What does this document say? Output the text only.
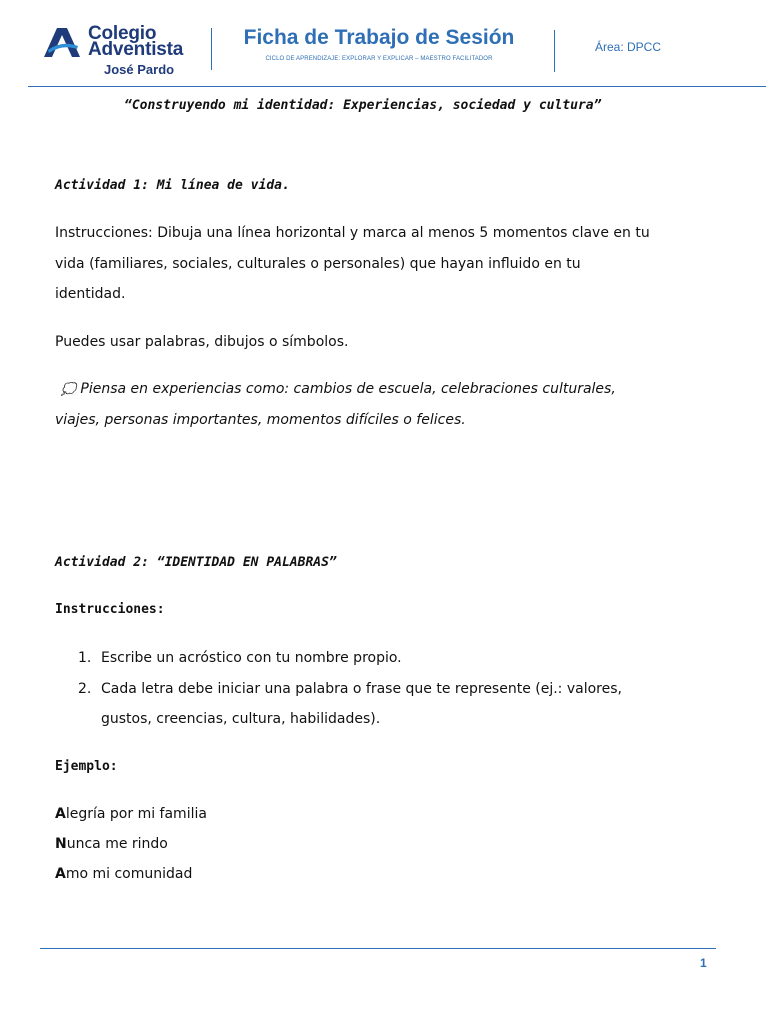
Colegio
Adventista
José Pardo
Ficha de Trabajo de Sesión
CICLO DE APRENDIZAJE: EXPLORAR Y EXPLICAR – MAESTRO FACILITADOR
Área: DPCC
“Construyendo mi identidad: Experiencias, sociedad y cultura”
Actividad 1: Mi línea de vida.
Instrucciones: Dibuja una línea horizontal y marca al menos 5 momentos clave en tu
vida (familiares, sociales, culturales o personales) que hayan influido en tu
identidad.
Puedes usar palabras, dibujos o símbolos.
💭 Piensa en experiencias como: cambios de escuela, celebraciones culturales,
viajes, personas importantes, momentos difíciles o felices.
Actividad 2: “IDENTIDAD EN PALABRAS”
Instrucciones:
1. Escribe un acróstico con tu nombre propio.
2. Cada letra debe iniciar una palabra o frase que te represente (ej.: valores,
gustos, creencias, cultura, habilidades).
Ejemplo:
Alegría por mi familia
Nunca me rindo
Amo mi comunidad
1
